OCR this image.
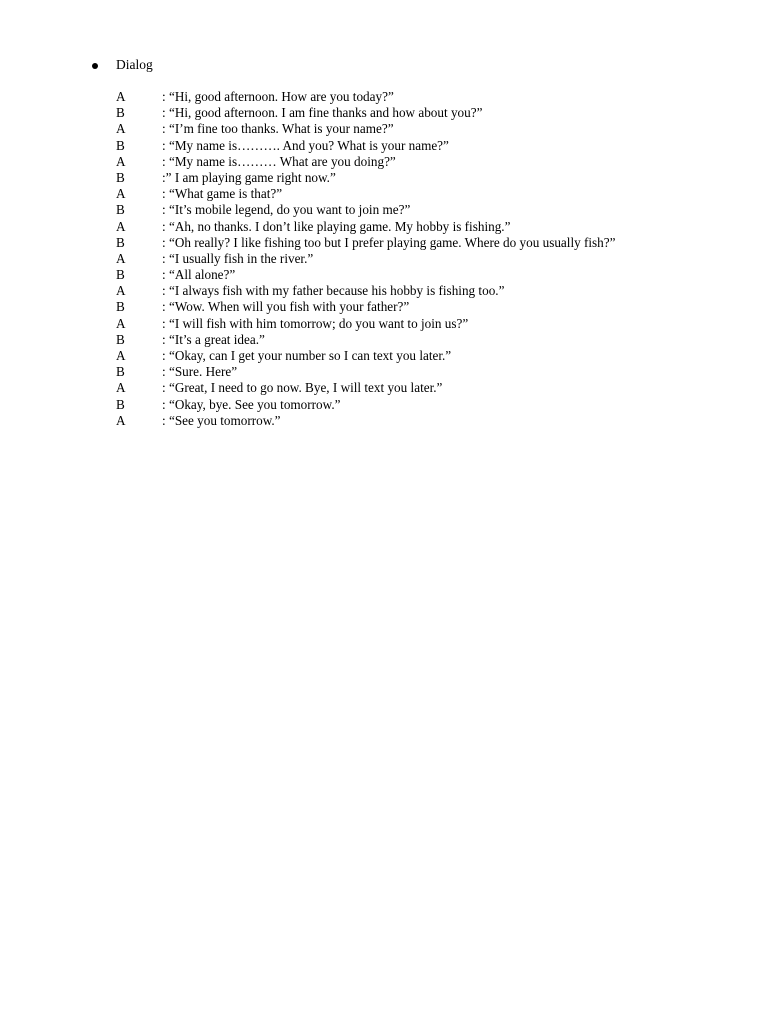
Dialog
A	: “Hi, good afternoon. How are you today?”
B	: “Hi, good afternoon. I am fine thanks and how about you?”
A	: “I’m fine too thanks. What is your name?”
B	: “My name is………. And you? What is your name?”
A	: “My name is……… What are you doing?”
B	:” I am playing game right now.”
A	: “What game is that?”
B	: “It’s mobile legend, do you want to join me?”
A	: “Ah, no thanks. I don’t like playing game. My hobby is fishing.”
B	: “Oh really? I like fishing too but I prefer playing game. Where do you usually fish?”
A	: “I usually fish in the river.”
B	: “All alone?”
A	: “I always fish with my father because his hobby is fishing too.”
B	: “Wow. When will you fish with your father?”
A	: “I will fish with him tomorrow; do you want to join us?”
B	: “It’s a great idea.”
A	: “Okay, can I get your number so I can text you later.”
B	: “Sure. Here”
A	: “Great, I need to go now. Bye, I will text you later.”
B	: “Okay, bye. See you tomorrow.”
A	: “See you tomorrow.”
